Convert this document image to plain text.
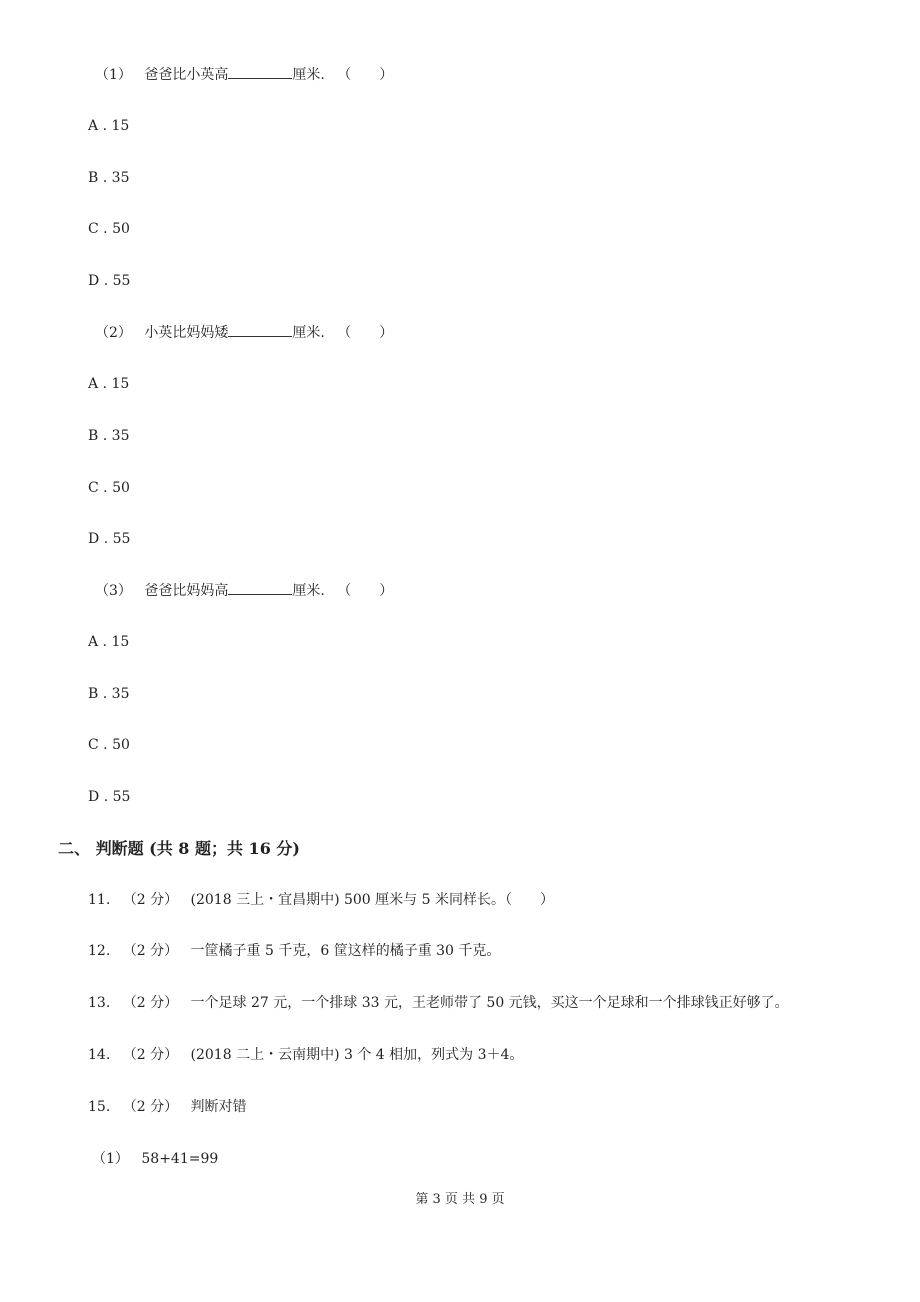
（1） 爸爸比小英高	厘米. （ ）
A . 15
B . 35
C . 50
D . 55
（2） 小英比妈妈矮	厘米. （ ）
A . 15
B . 35
C . 50
D . 55
（3） 爸爸比妈妈高	厘米. （ ）
A . 15
B . 35
C . 50
D . 55
二、 判断题 (共 8 题；共 16 分)
11. （2 分） (2018 三上・宜昌期中) 500 厘米与 5 米同样长。（　　）
12. （2 分） 一筐橘子重 5 千克，6 筐这样的橘子重 30 千克。
13. （2 分） 一个足球 27 元，一个排球 33 元，王老师带了 50 元钱，买这一个足球和一个排球钱正好够了。
14. （2 分） (2018 二上・云南期中) 3 个 4 相加，列式为 3＋4。
15. （2 分） 判断对错
（1） 58+41=99
第 3 页 共 9 页
